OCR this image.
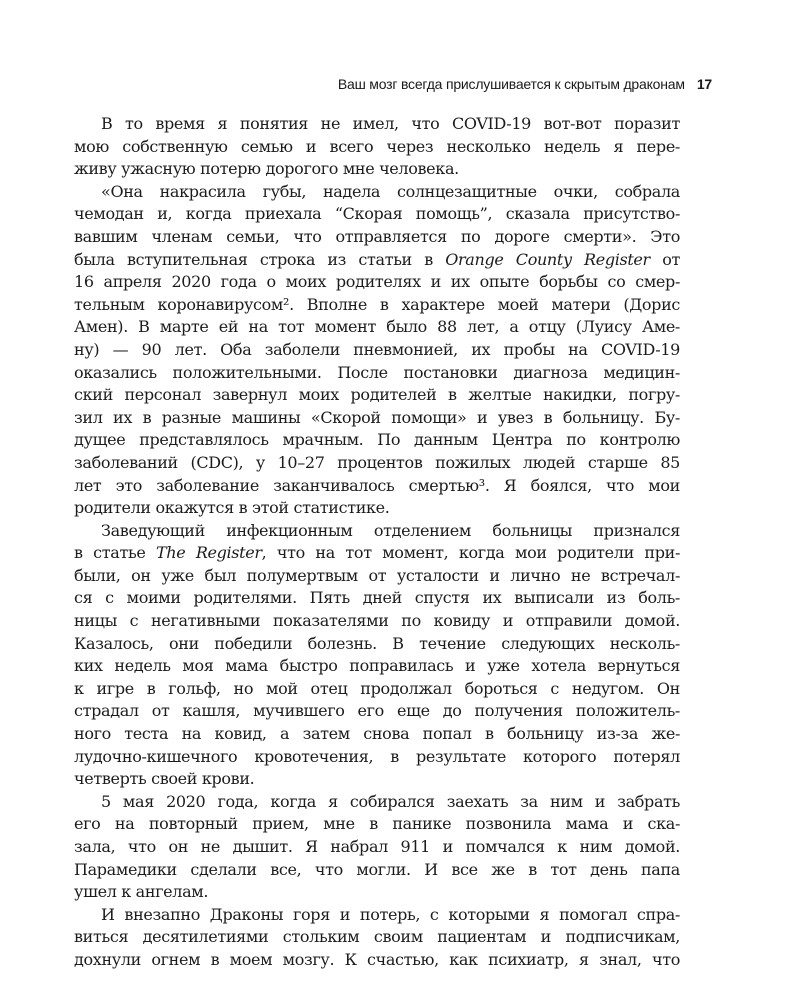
Ваш мозг всегда прислушивается к скрытым драконам 17

В то время я понятия не имел, что COVID-19 вот-вот поразит
мою собственную семью и всего через несколько недель я пере-
живу ужасную потерю дорогого мне человека.

«Она накрасила губы, надела солнцезащитные очки, собрала
чемодан и, когда приехала “Скорая помощь”, сказала присутство-
вавшим членам семьи, что отправляется по дороге смерти». Это
была вступительная строка из статьи в Orange County Register от
16 апреля 2020 года о моих родителях и их опыте борьбы со смер-
тельным коронавирусом². Вполне в характере моей матери (Дорис
Амен). В марте ей на тот момент было 88 лет, а отцу (Луису Аме-
ну) — 90 лет. Оба заболели пневмонией, их пробы на COVID-19
оказались положительными. После постановки диагноза медицин-
ский персонал завернул моих родителей в желтые накидки, погру-
зил их в разные машины «Скорой помощи» и увез в больницу. Бу-
дущее представлялось мрачным. По данным Центра по контролю
заболеваний (CDC), у 10–27 процентов пожилых людей старше 85
лет это заболевание заканчивалось смертью³. Я боялся, что мои
родители окажутся в этой статистике.

Заведующий инфекционным отделением больницы признался
в статье The Register, что на тот момент, когда мои родители при-
были, он уже был полумертвым от усталости и лично не встречал-
ся с моими родителями. Пять дней спустя их выписали из боль-
ницы с негативными показателями по ковиду и отправили домой.
Казалось, они победили болезнь. В течение следующих несколь-
ких недель моя мама быстро поправилась и уже хотела вернуться
к игре в гольф, но мой отец продолжал бороться с недугом. Он
страдал от кашля, мучившего его еще до получения положитель-
ного теста на ковид, а затем снова попал в больницу из-за же-
лудочно-кишечного кровотечения, в результате которого потерял
четверть своей крови.

5 мая 2020 года, когда я собирался заехать за ним и забрать
его на повторный прием, мне в панике позвонила мама и ска-
зала, что он не дышит. Я набрал 911 и помчался к ним домой.
Парамедики сделали все, что могли. И все же в тот день папа
ушел к ангелам.

И внезапно Драконы горя и потерь, с которыми я помогал спра-
виться десятилетиями стольким своим пациентам и подписчикам,
дохнули огнем в моем мозгу. К счастью, как психиатр, я знал, что
